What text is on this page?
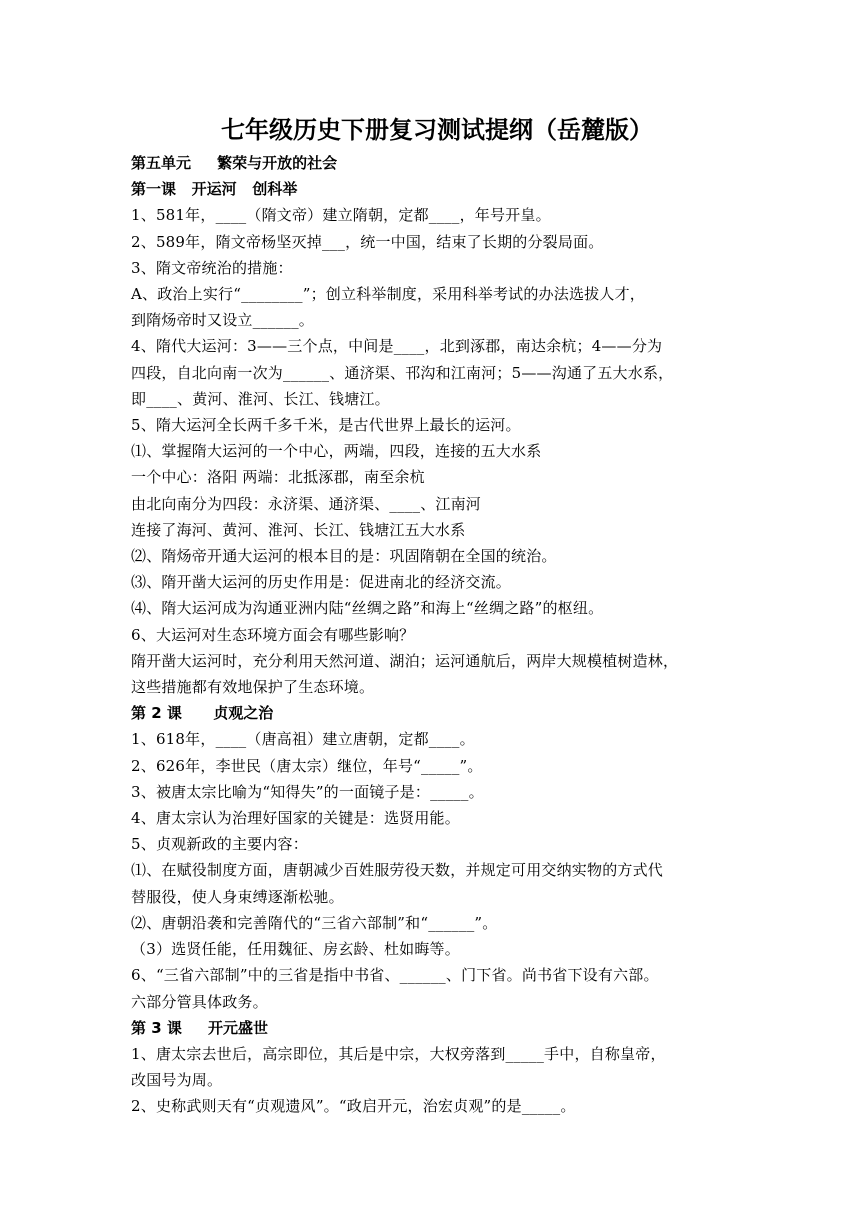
七年级历史下册复习测试提纲（岳麓版）
第五单元     繁荣与开放的社会
第一课   开运河   创科举
1、581年，____（隋文帝）建立隋朝，定都____，年号开皇。
2、589年，隋文帝杨坚灭掉___，统一中国，结束了长期的分裂局面。
3、隋文帝统治的措施：
A、政治上实行“________”；创立科举制度，采用科举考试的办法选拔人才，
到隋炀帝时又设立______。
4、隋代大运河：3——三个点，中间是____，北到涿郡，南达余杭；4——分为
四段，自北向南一次为______、通济渠、邗沟和江南河；5——沟通了五大水系，
即____、黄河、淮河、长江、钱塘江。
5、隋大运河全长两千多千米，是古代世界上最长的运河。
⑴、掌握隋大运河的一个中心，两端，四段，连接的五大水系
一个中心：洛阳 两端：北抵涿郡，南至余杭
由北向南分为四段：永济渠、通济渠、____、江南河
连接了海河、黄河、淮河、长江、钱塘江五大水系
⑵、隋炀帝开通大运河的根本目的是：巩固隋朝在全国的统治。
⑶、隋开凿大运河的历史作用是：促进南北的经济交流。
⑷、隋大运河成为沟通亚洲内陆“丝绸之路”和海上“丝绸之路”的枢纽。
6、大运河对生态环境方面会有哪些影响？
隋开凿大运河时，充分利用天然河道、湖泊；运河通航后，两岸大规模植树造林，
这些措施都有效地保护了生态环境。
第 2 课      贞观之治
1、618年，____（唐高祖）建立唐朝，定都____。
2、626年，李世民（唐太宗）继位，年号“_____”。
3、被唐太宗比喻为“知得失”的一面镜子是：_____。
4、唐太宗认为治理好国家的关键是：选贤用能。
5、贞观新政的主要内容：
⑴、在赋役制度方面，唐朝减少百姓服劳役天数，并规定可用交纳实物的方式代
替服役，使人身束缚逐渐松驰。
⑵、唐朝沿袭和完善隋代的“三省六部制”和“______”。
（3）选贤任能，任用魏征、房玄龄、杜如晦等。
6、“三省六部制”中的三省是指中书省、______、门下省。尚书省下设有六部。
六部分管具体政务。
第 3 课     开元盛世
1、唐太宗去世后，高宗即位，其后是中宗，大权旁落到_____手中，自称皇帝，
改国号为周。
2、史称武则天有“贞观遗风”。“政启开元，治宏贞观”的是_____。
